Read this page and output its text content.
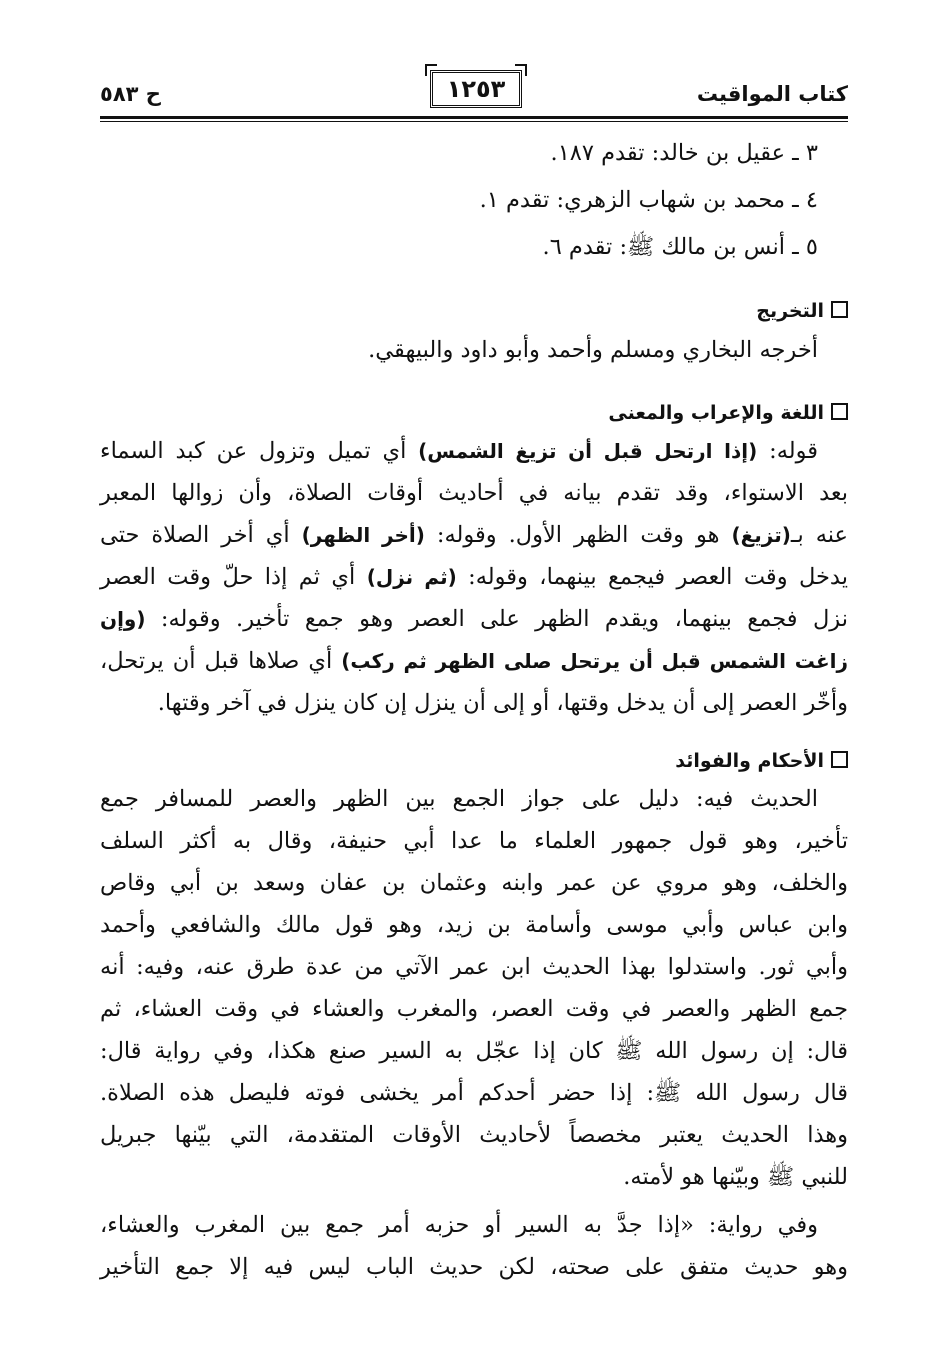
كتاب المواقيت
١٢٥٣
ح ٥٨٣
٣ ـ عقيل بن خالد: تقدم ١٨٧.
٤ ـ محمد بن شهاب الزهري: تقدم ١.
٥ ـ أنس بن مالك ﷺ: تقدم ٦.
التخريج
أخرجه البخاري ومسلم وأحمد وأبو داود والبيهقي.
اللغة والإعراب والمعنى
قوله: (إذا ارتحل قبل أن تزيغ الشمس) أي تميل وتزول عن كبد السماء
بعد الاستواء، وقد تقدم بيانه في أحاديث أوقات الصلاة، وأن زوالها المعبر
عنه بـ(تزيغ) هو وقت الظهر الأول. وقوله: (أخر الظهر) أي أخر الصلاة حتى
يدخل وقت العصر فيجمع بينهما، وقوله: (ثم نزل) أي ثم إذا حلّ وقت العصر
نزل فجمع بينهما، ويقدم الظهر على العصر وهو جمع تأخير. وقوله: (وإن
زاغت الشمس قبل أن يرتحل صلى الظهر ثم ركب) أي صلاها قبل أن يرتحل،
وأخّر العصر إلى أن يدخل وقتها، أو إلى أن ينزل إن كان ينزل في آخر وقتها.
الأحكام والفوائد
الحديث فيه: دليل على جواز الجمع بين الظهر والعصر للمسافر جمع
تأخير، وهو قول جمهور العلماء ما عدا أبي حنيفة، وقال به أكثر السلف
والخلف، وهو مروي عن عمر وابنه وعثمان بن عفان وسعد بن أبي وقاص
وابن عباس وأبي موسى وأسامة بن زيد، وهو قول مالك والشافعي وأحمد
وأبي ثور. واستدلوا بهذا الحديث ابن عمر الآتي من عدة طرق عنه، وفيه: أنه
جمع الظهر والعصر في وقت العصر، والمغرب والعشاء في وقت العشاء، ثم
قال: إن رسول الله ﷺ كان إذا عجّل به السير صنع هكذا، وفي رواية قال:
قال رسول الله ﷺ: إذا حضر أحدكم أمر يخشى فوته فليصل هذه الصلاة.
وهذا الحديث يعتبر مخصصاً لأحاديث الأوقات المتقدمة، التي بيّنها جبريل
للنبي ﷺ وبيّنها هو لأمته.
وفي رواية: «إذا جدَّ به السير أو حزبه أمر جمع بين المغرب والعشاء،
وهو حديث متفق على صحته، لكن حديث الباب ليس فيه إلا جمع التأخير
